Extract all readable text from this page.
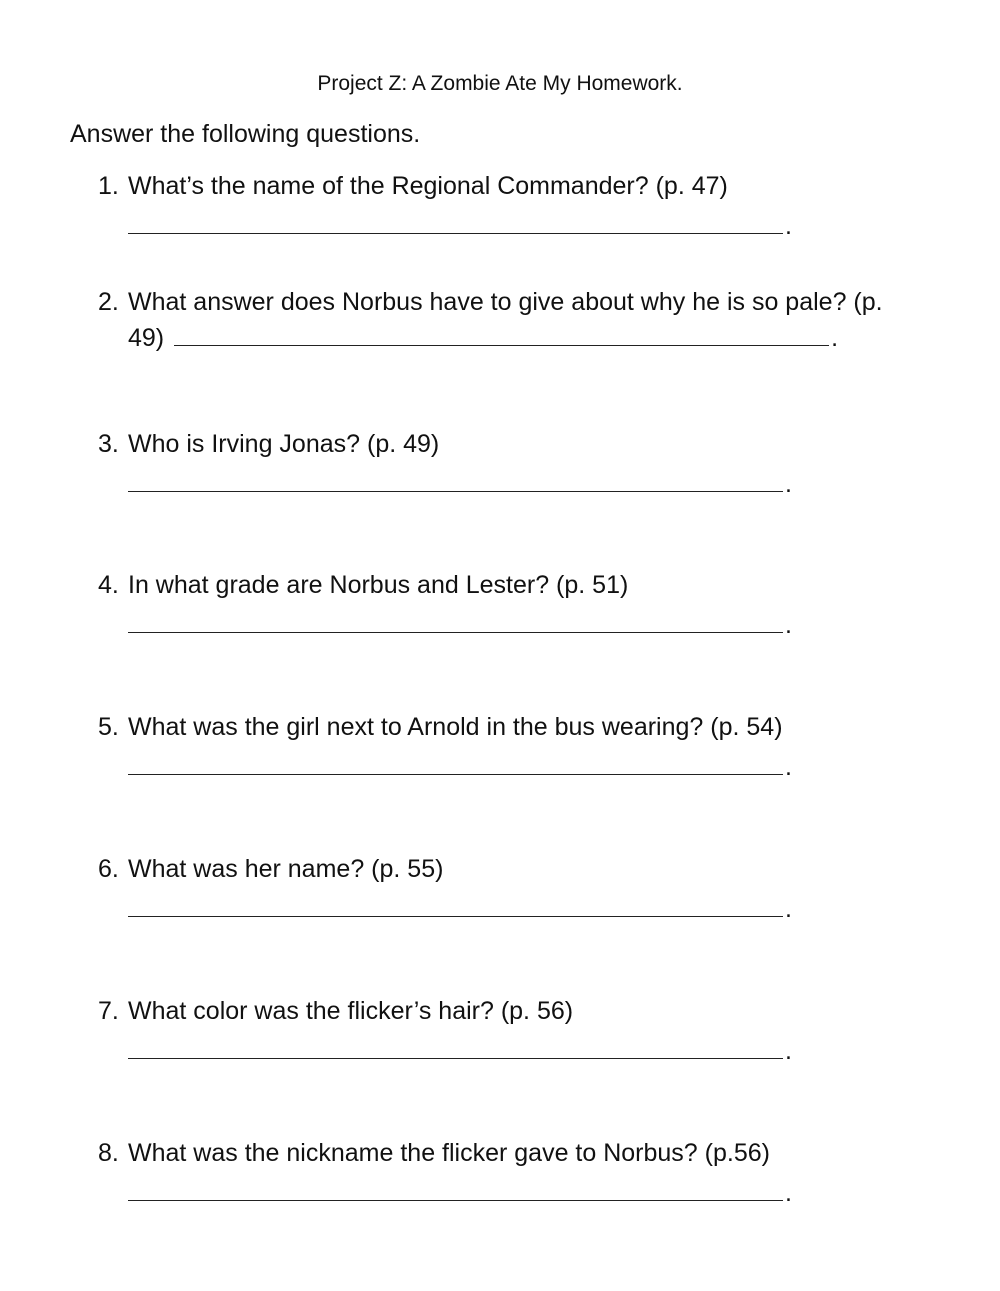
Project Z: A Zombie Ate My Homework.
Answer the following questions.
1. What’s the name of the Regional Commander? (p. 47)
.
2. What answer does Norbus have to give about why he is so pale? (p.
49)	.
3. Who is Irving Jonas? (p. 49)
.
4. In what grade are Norbus and Lester? (p. 51)
.
5. What was the girl next to Arnold in the bus wearing? (p. 54)
.
6. What was her name? (p. 55)
.
7. What color was the flicker’s hair? (p. 56)
.
8. What was the nickname the flicker gave to Norbus? (p.56)
.
